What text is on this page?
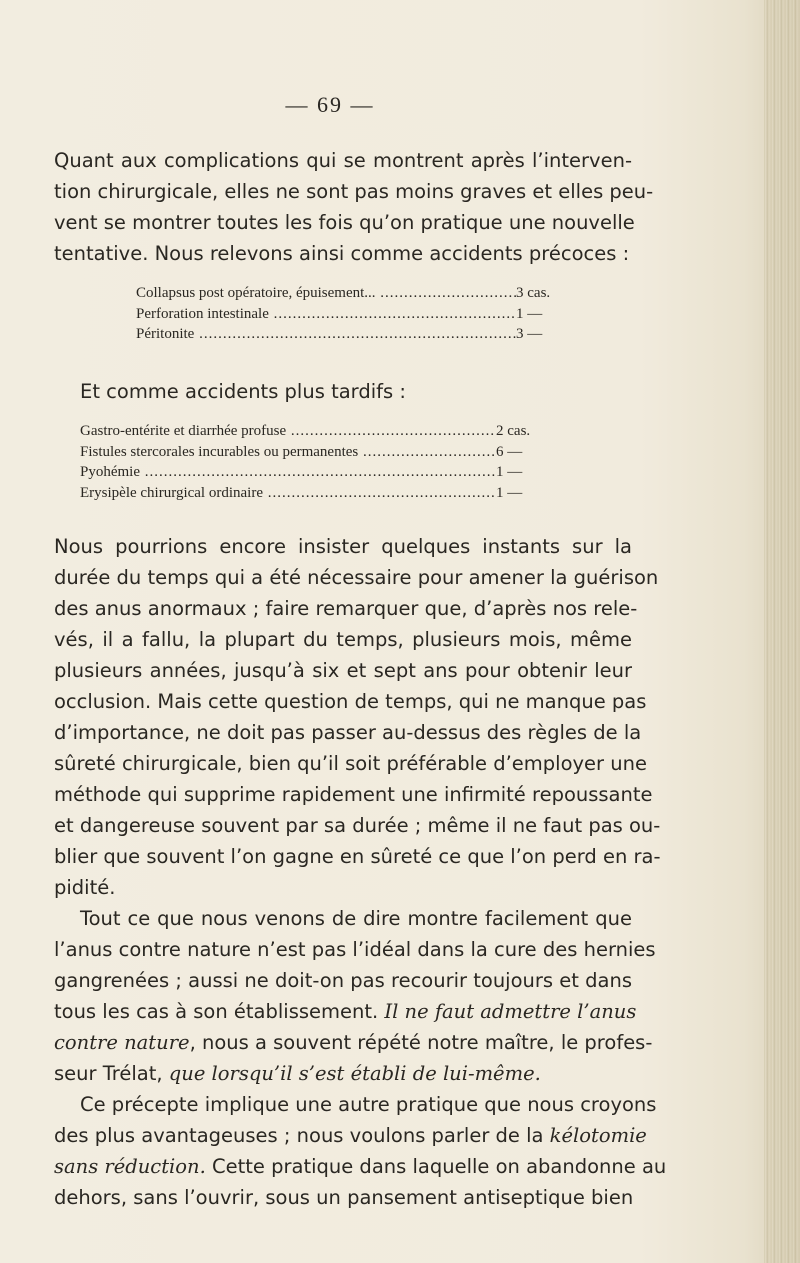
— 69 —

Quant aux complications qui se montrent après l’interven-
tion chirurgicale, elles ne sont pas moins graves et elles peu-
vent se montrer toutes les fois qu’on pratique une nouvelle
tentative. Nous relevons ainsi comme accidents précoces :

Collapsus post opératoire, épuisement... .....	3 cas.
Perforation intestinale .....	1 —
Péritonite .....	3 —
Et comme accidents plus tardifs :
Gastro-entérite et diarrhée profuse .....	2 cas.
Fistules stercorales incurables ou permanentes .....	6 —
Pyohémie .....	1 —
Erysipèle chirurgical ordinaire .....	1 —

Nous pourrions encore insister quelques instants sur la
durée du temps qui a été nécessaire pour amener la guérison
des anus anormaux ; faire remarquer que, d’après nos rele-
vés, il a fallu, la plupart du temps, plusieurs mois, même
plusieurs années, jusqu’à six et sept ans pour obtenir leur
occlusion. Mais cette question de temps, qui ne manque pas
d’importance, ne doit pas passer au-dessus des règles de la
sûreté chirurgicale, bien qu’il soit préférable d’employer une
méthode qui supprime rapidement une infirmité repoussante
et dangereuse souvent par sa durée ; même il ne faut pas ou-
blier que souvent l’on gagne en sûreté ce que l’on perd en ra-
pidité.

Tout ce que nous venons de dire montre facilement que
l’anus contre nature n’est pas l’idéal dans la cure des hernies
gangrenées ; aussi ne doit-on pas recourir toujours et dans
tous les cas à son établissement. Il ne faut admettre l’anus
contre nature, nous a souvent répété notre maître, le profes-
seur Trélat, que lorsqu’il s’est établi de lui-même.

Ce précepte implique une autre pratique que nous croyons
des plus avantageuses ; nous voulons parler de la kélotomie
sans réduction. Cette pratique dans laquelle on abandonne au
dehors, sans l’ouvrir, sous un pansement antiseptique bien
